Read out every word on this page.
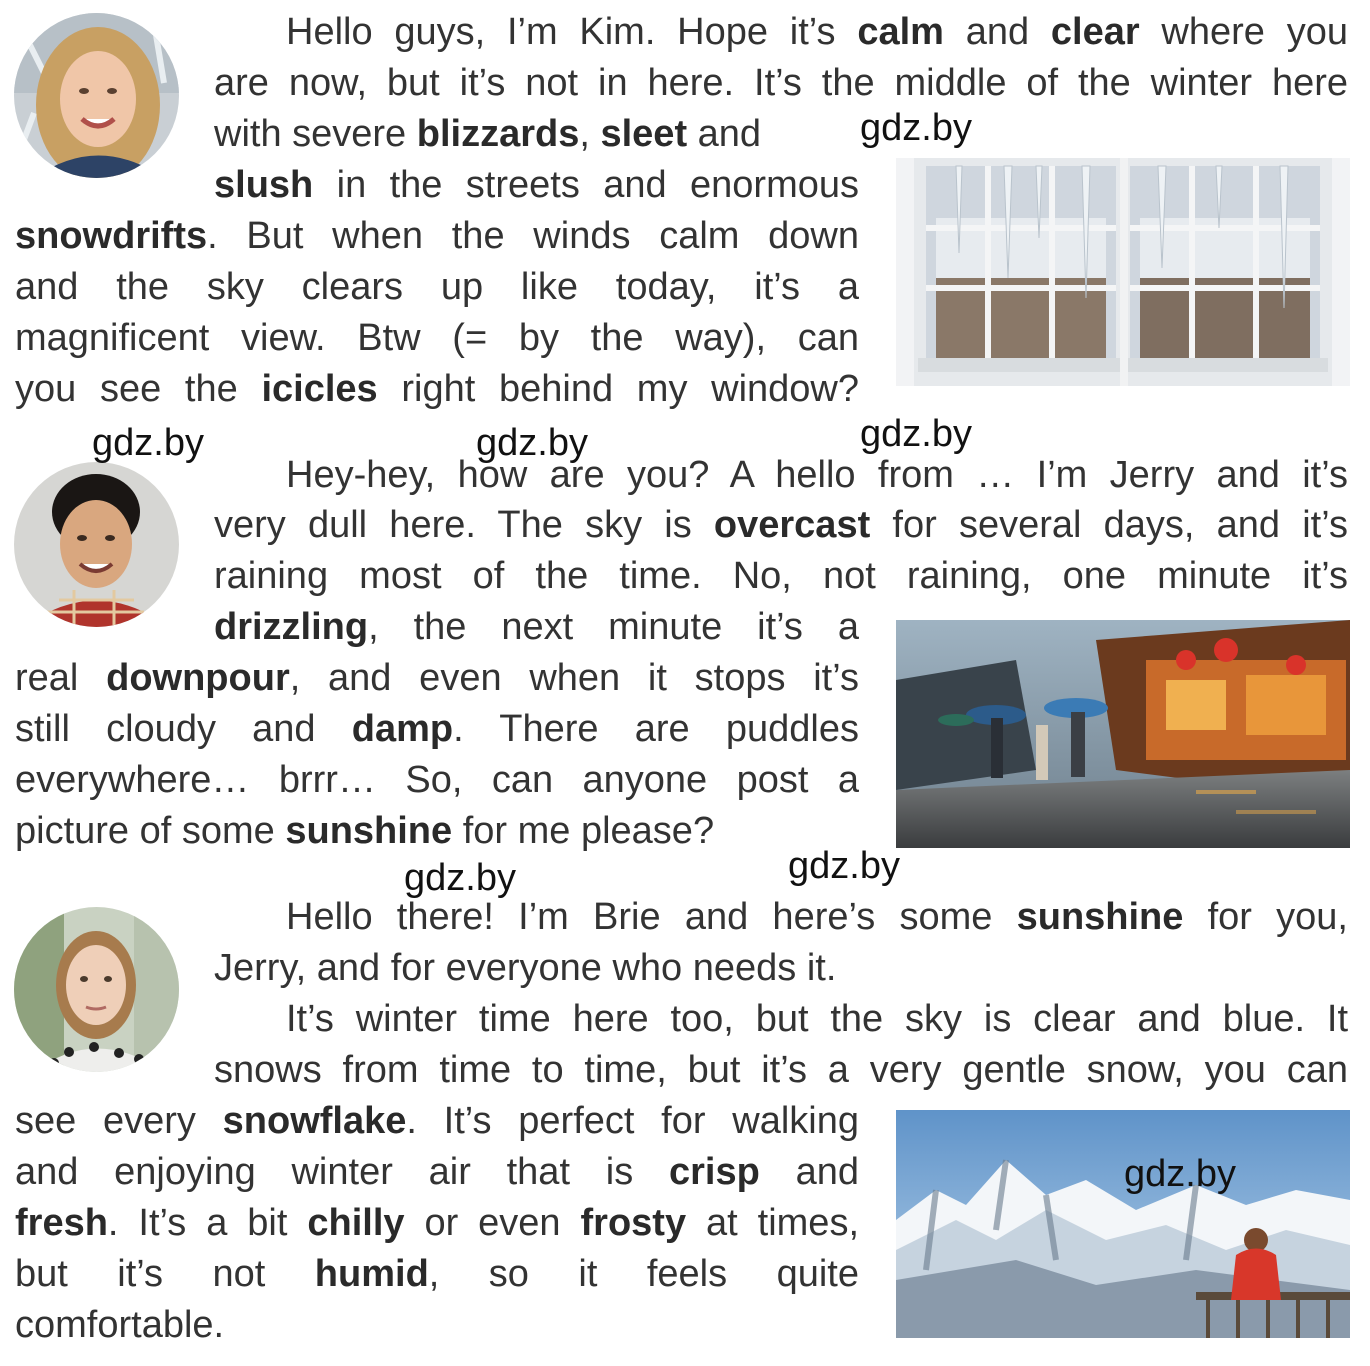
Hello guys, I’m Kim. Hope it’s calm and clear where you
are now, but it’s not in here. It’s the middle of the winter here
with severe blizzards, sleet and
slush in the streets and enormous
snowdrifts. But when the winds calm down
and the sky clears up like today, it’s a
magnificent view. Btw (= by the way), can
you see the icicles right behind my window?
Hey-hey, how are you? A hello from … I’m Jerry and it’s
very dull here. The sky is overcast for several days, and it’s
raining most of the time. No, not raining, one minute it’s
drizzling, the next minute it’s a
real downpour, and even when it stops it’s
still cloudy and damp. There are puddles
everywhere… brrr… So, can anyone post a
picture of some sunshine for me please?
Hello there! I’m Brie and here’s some sunshine for you,
Jerry, and for everyone who needs it.
It’s winter time here too, but the sky is clear and blue. It
snows from time to time, but it’s a very gentle snow, you can
see every snowflake. It’s perfect for walking
and enjoying winter air that is crisp and
fresh. It’s a bit chilly or even frosty at times,
but it’s not humid, so it feels quite
comfortable.
gdz.by
gdz.by	gdz.by	gdz.by
gdz.by	gdz.by
gdz.by
